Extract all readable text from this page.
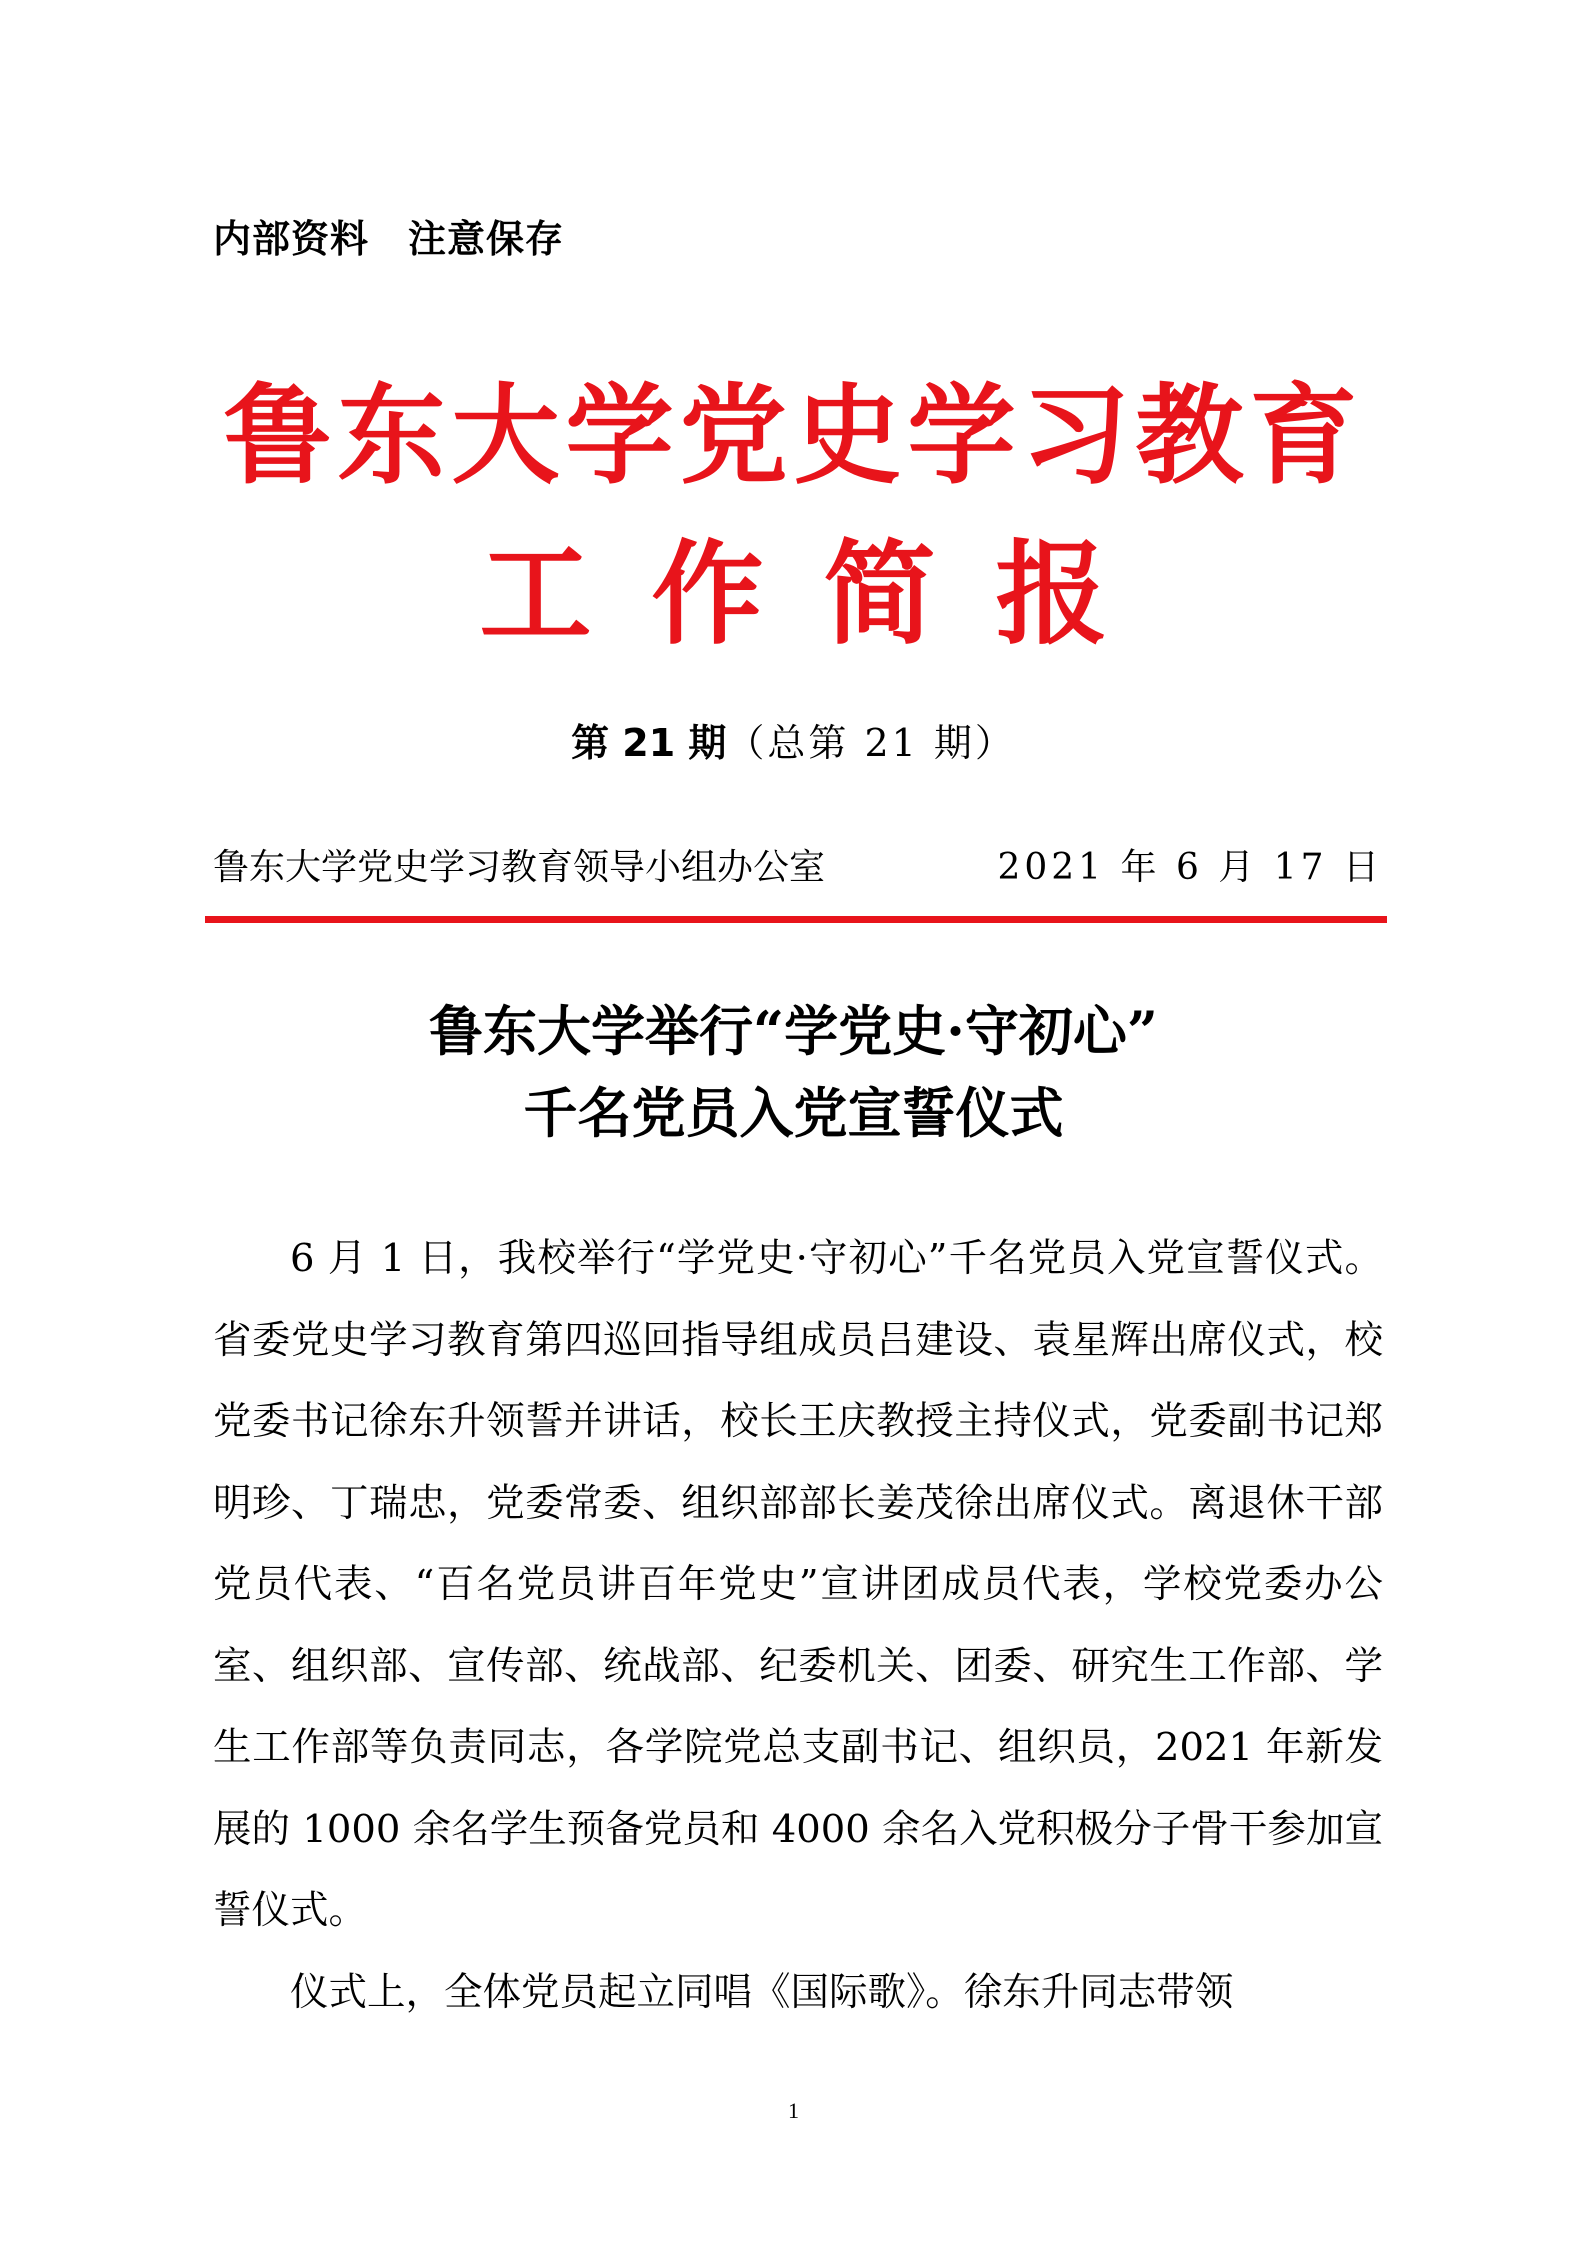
内部资料　注意保存
鲁东大学党史学习教育
工作简报
第 21 期（总第 21 期）
鲁东大学党史学习教育领导小组办公室	2021 年 6 月 17 日
鲁东大学举行“学党史·守初心”
千名党员入党宣誓仪式

6 月 1 日，我校举行“学党史·守初心”千名党员入党宣誓仪式。省委党史学习教育第四巡回指导组成员吕建设、袁星辉出席仪式，校党委书记徐东升领誓并讲话，校长王庆教授主持仪式，党委副书记郑明珍、丁瑞忠，党委常委、组织部部长姜茂徐出席仪式。离退休干部党员代表、“百名党员讲百年党史”宣讲团成员代表，学校党委办公室、组织部、宣传部、统战部、纪委机关、团委、研究生工作部、学生工作部等负责同志，各学院党总支副书记、组织员，2021 年新发展的 1000 余名学生预备党员和 4000 余名入党积极分子骨干参加宣誓仪式。

仪式上，全体党员起立同唱《国际歌》。徐东升同志带领

1
